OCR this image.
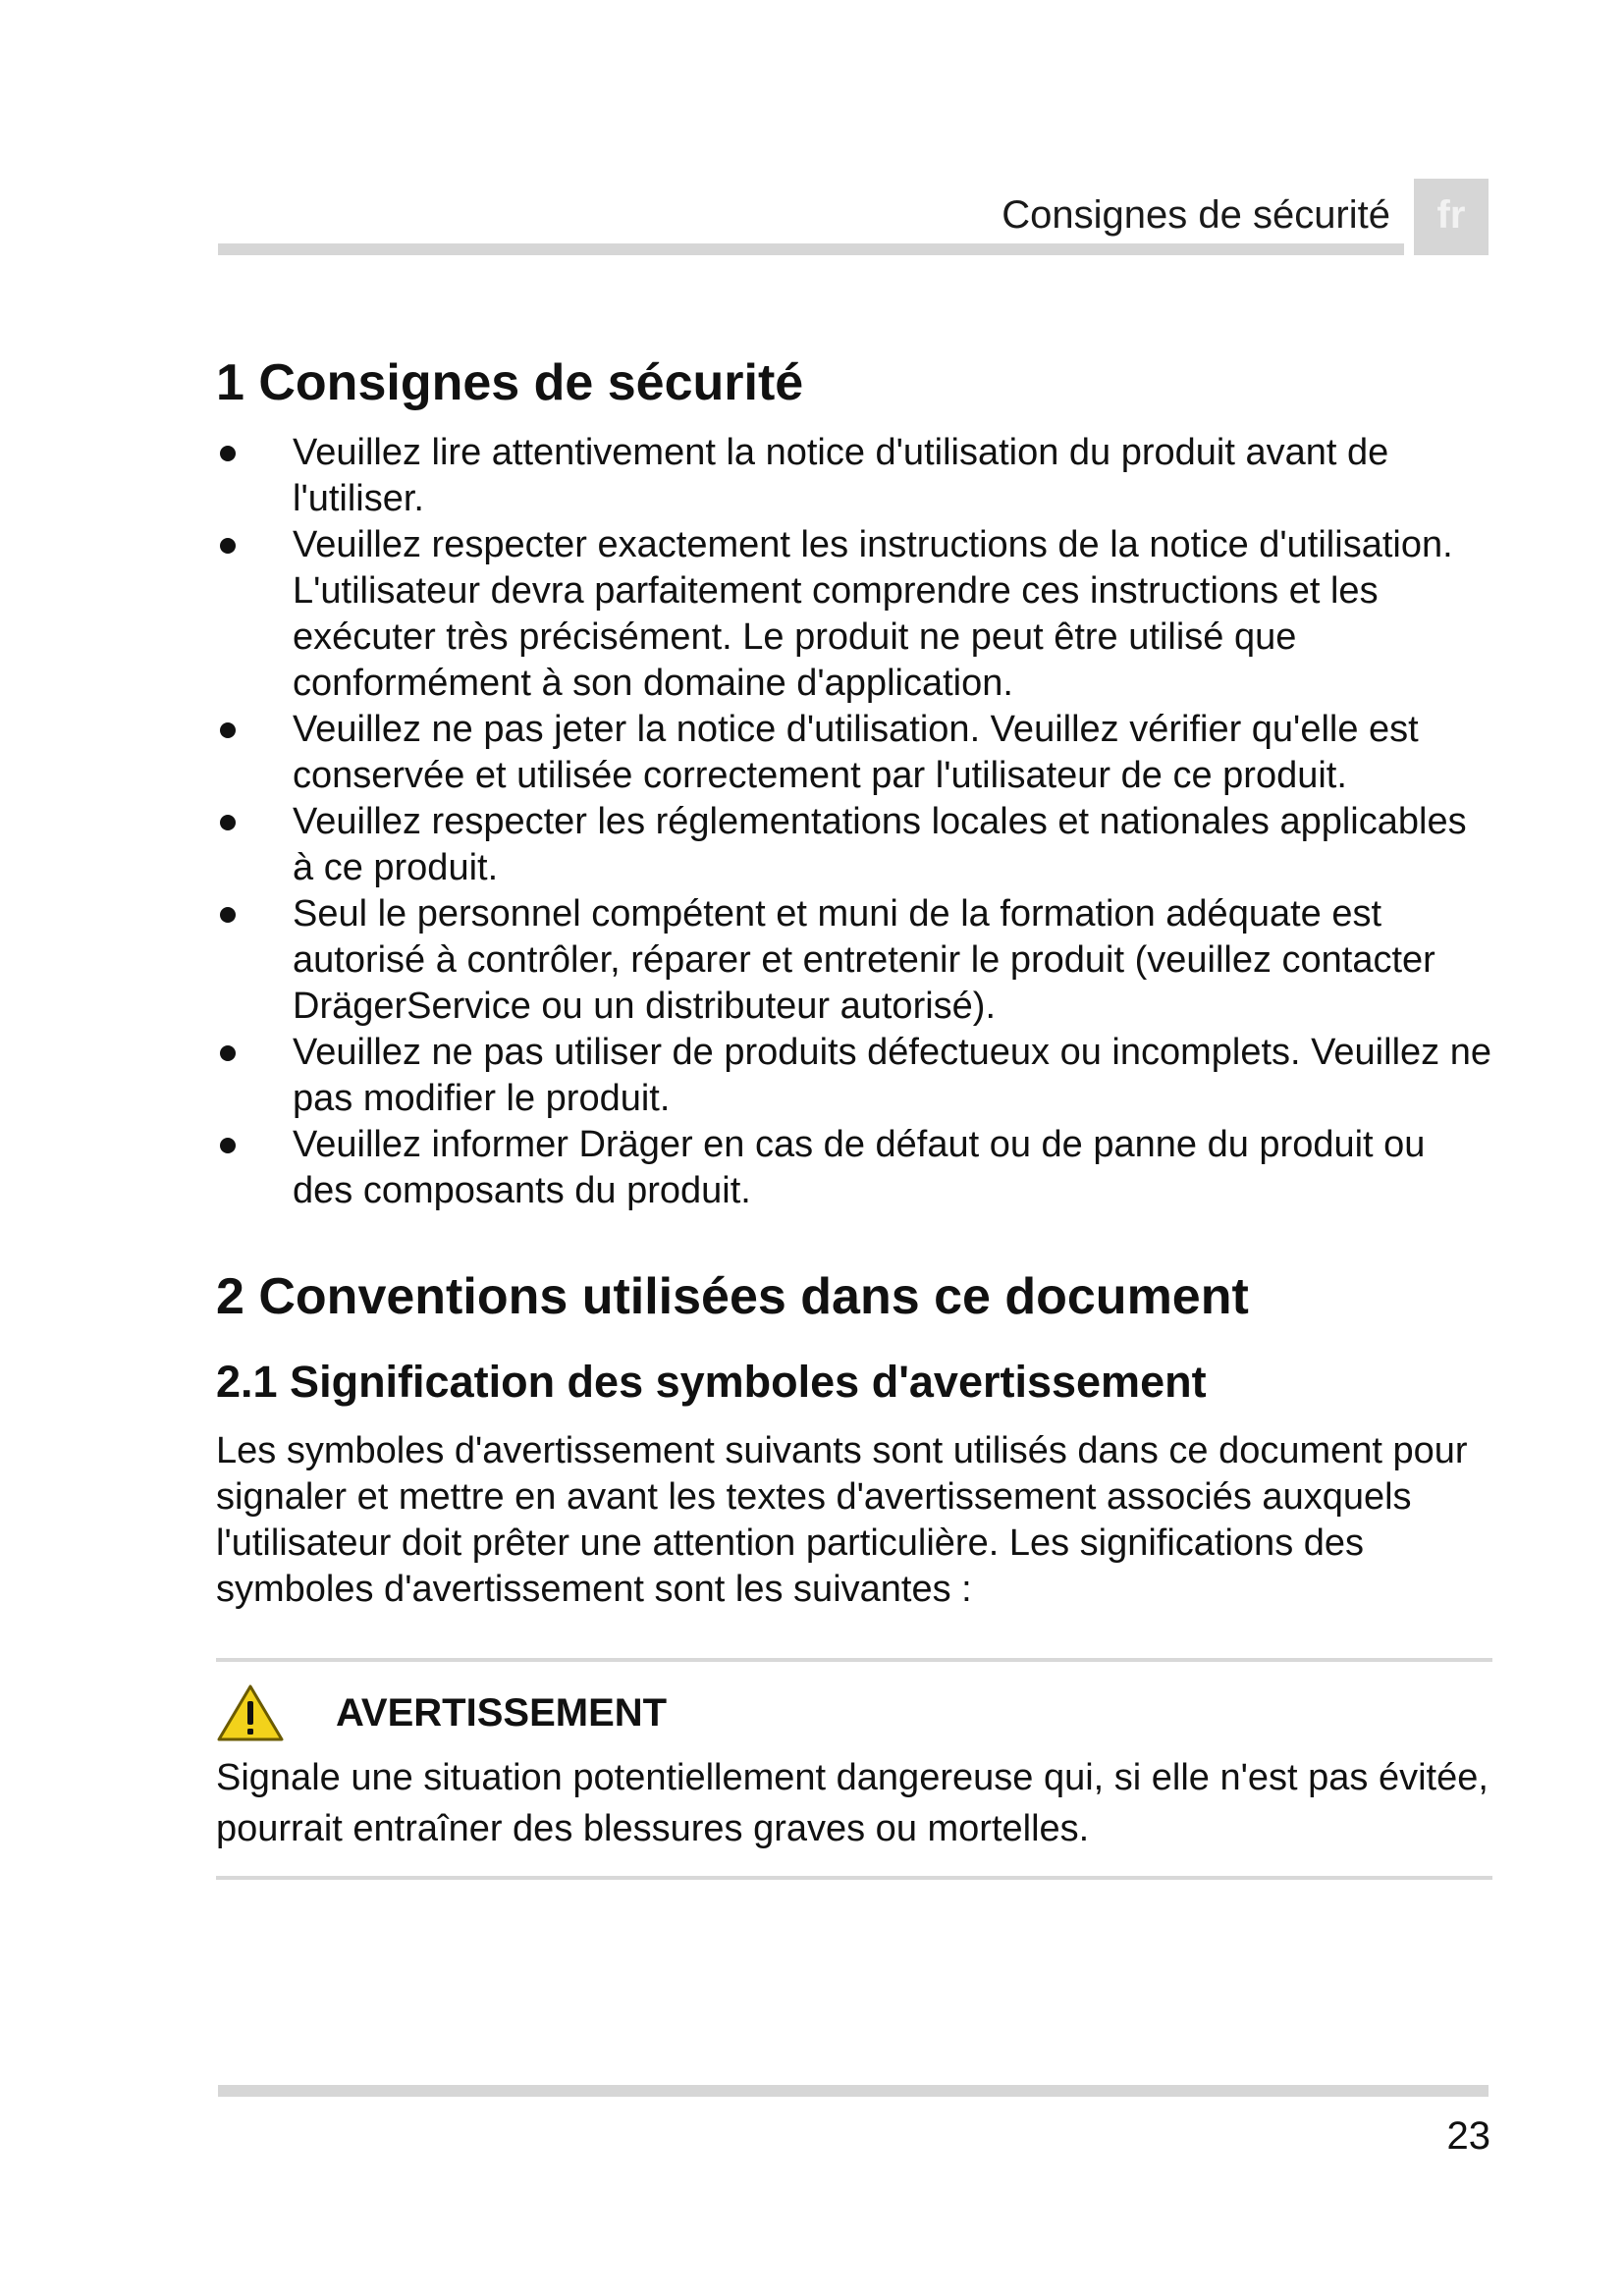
Consignes de sécurité	fr
1 Consignes de sécurité
Veuillez lire attentivement la notice d'utilisation du produit avant de l'utiliser.
Veuillez respecter exactement les instructions de la notice d'utilisation. L'utilisateur devra parfaitement comprendre ces instructions et les exécuter très précisément. Le produit ne peut être utilisé que conformément à son domaine d'application.
Veuillez ne pas jeter la notice d'utilisation. Veuillez vérifier qu'elle est conservée et utilisée correctement par l'utilisateur de ce produit.
Veuillez respecter les réglementations locales et nationales applicables à ce produit.
Seul le personnel compétent et muni de la formation adéquate est autorisé à contrôler, réparer et entretenir le produit (veuillez contacter DrägerService ou un distributeur autorisé).
Veuillez ne pas utiliser de produits défectueux ou incomplets. Veuillez ne pas modifier le produit.
Veuillez informer Dräger en cas de défaut ou de panne du produit ou des composants du produit.
2 Conventions utilisées dans ce document
2.1 Signification des symboles d'avertissement

Les symboles d'avertissement suivants sont utilisés dans ce document pour signaler et mettre en avant les textes d'avertissement associés auxquels l'utilisateur doit prêter une attention particulière. Les significations des symboles d'avertissement sont les suivantes :

AVERTISSEMENT
Signale une situation potentiellement dangereuse qui, si elle n'est pas évitée, pourrait entraîner des blessures graves ou mortelles.
23
